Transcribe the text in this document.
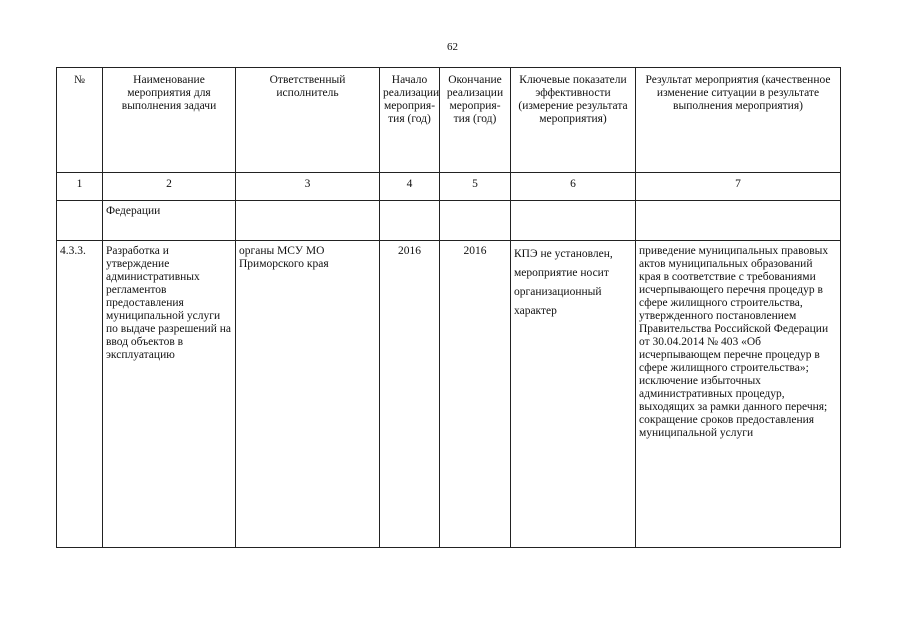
62
№	Наименование мероприятия для выполнения задачи	Ответственный исполнитель	Начало реализации мероприя-тия (год)	Окончание реализации мероприя-тия (год)	Ключевые показатели эффективности (измерение результата мероприятия)	Результат мероприятия (качественное изменение ситуации в результате выполнения мероприятия)
1	2	3	4	5	6	7
	Федерации					
4.3.3.	Разработка и утверждение административных регламентов предоставления муниципальной услуги по выдаче разрешений на ввод объектов в эксплуатацию	органы МСУ МО Приморского края	2016	2016	КПЭ не установлен, мероприятие носит организационный характер	приведение муниципальных правовых актов муниципальных образований края в соответствие с требованиями исчерпывающего перечня процедур в сфере жилищного строительства, утвержденного постановлением Правительства Российской Федерации от 30.04.2014 № 403 «Об исчерпывающем перечне процедур в сфере жилищного строительства»; исключение избыточных административных процедур, выходящих за рамки данного перечня; сокращение сроков предоставления муниципальной услуги
